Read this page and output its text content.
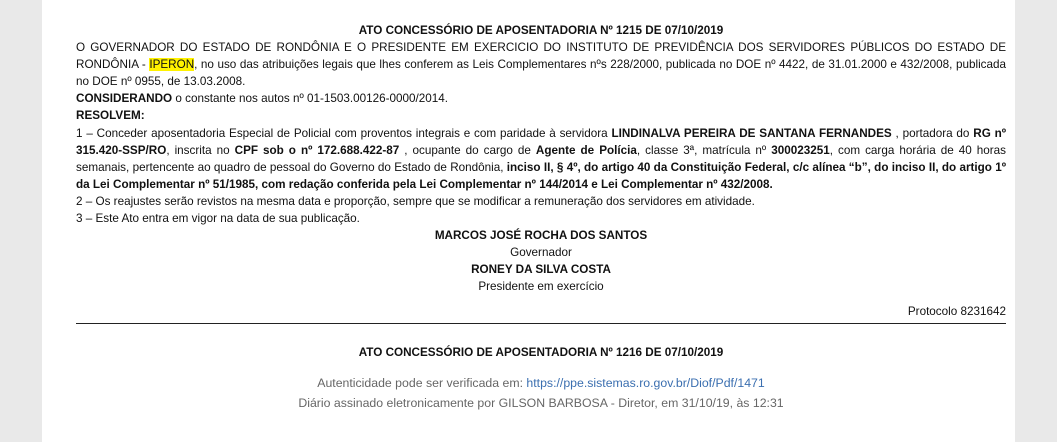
ATO CONCESSÓRIO DE APOSENTADORIA Nº 1215 DE 07/10/2019

O GOVERNADOR DO ESTADO DE RONDÔNIA E O PRESIDENTE EM EXERCICIO DO INSTITUTO DE PREVIDÊNCIA DOS SERVIDORES PÚBLICOS DO ESTADO DE RONDÔNIA - IPERON, no uso das atribuições legais que lhes conferem as Leis Complementares nºs 228/2000, publicada no DOE nº 4422, de 31.01.2000 e 432/2008, publicada no DOE nº 0955, de 13.03.2008.

CONSIDERANDO o constante nos autos nº 01-1503.00126-0000/2014.

RESOLVEM:

1 – Conceder aposentadoria Especial de Policial com proventos integrais e com paridade à servidora LINDINALVA PEREIRA DE SANTANA FERNANDES , portadora do RG nº 315.420-SSP/RO, inscrita no CPF sob o nº 172.688.422-87 , ocupante do cargo de Agente de Polícia, classe 3ª, matrícula nº 300023251, com carga horária de 40 horas semanais, pertencente ao quadro de pessoal do Governo do Estado de Rondônia, inciso II, § 4º, do artigo 40 da Constituição Federal, c/c alínea “b”, do inciso II, do artigo 1º da Lei Complementar nº 51/1985, com redação conferida pela Lei Complementar nº 144/2014 e Lei Complementar nº 432/2008.

2 – Os reajustes serão revistos na mesma data e proporção, sempre que se modificar a remuneração dos servidores em atividade.

3 – Este Ato entra em vigor na data de sua publicação.

MARCOS JOSÉ ROCHA DOS SANTOS

Governador

RONEY DA SILVA COSTA

Presidente em exercício

Protocolo 8231642

ATO CONCESSÓRIO DE APOSENTADORIA Nº 1216 DE 07/10/2019
Autenticidade pode ser verificada em: https://ppe.sistemas.ro.gov.br/Diof/Pdf/1471
Diário assinado eletronicamente por GILSON BARBOSA - Diretor, em 31/10/19, às 12:31
